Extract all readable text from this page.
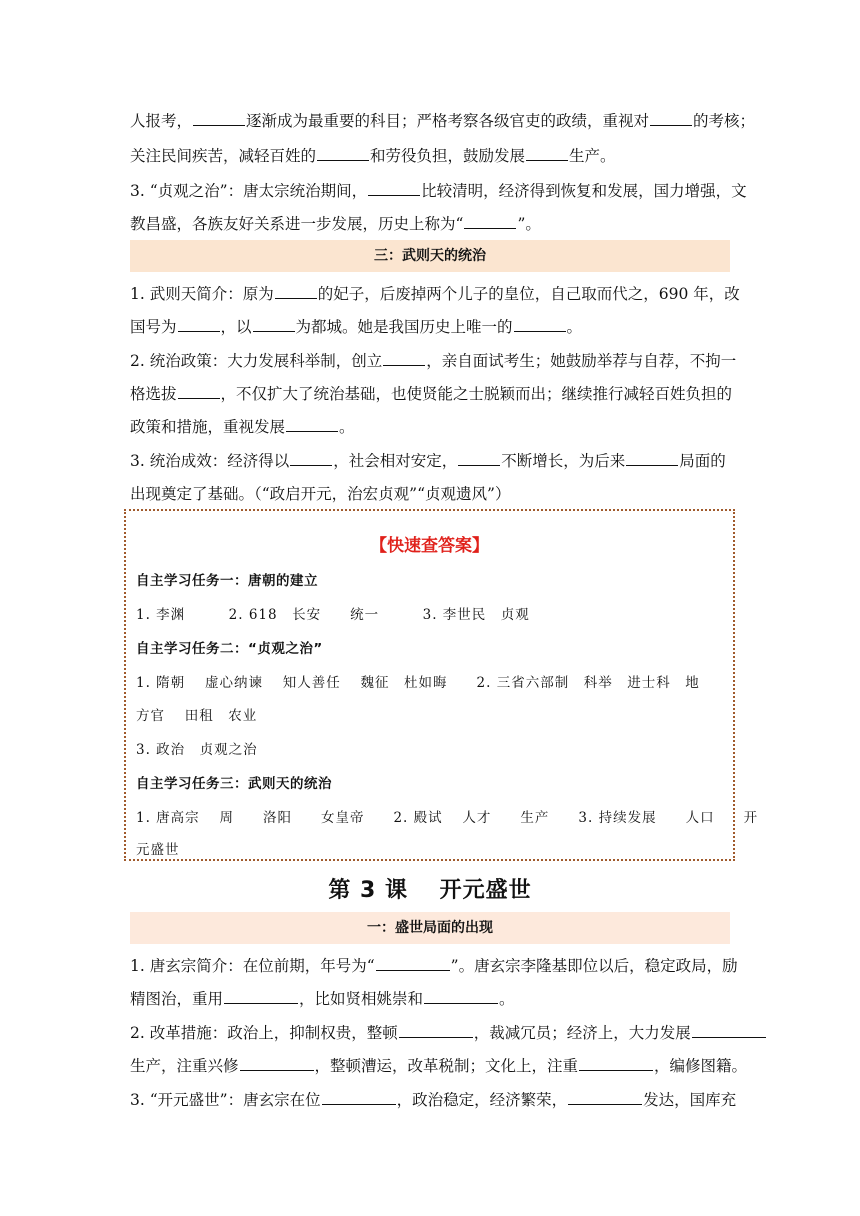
人报考，	逐渐成为最重要的科目；严格考察各级官吏的政绩，重视对	的考核；
关注民间疾苦，减轻百姓的	和劳役负担，鼓励发展	生产。
3. “贞观之治”：唐太宗统治期间，	比较清明，经济得到恢复和发展，国力增强，文
教昌盛，各族友好关系进一步发展，历史上称为“	”。
三：武则天的统治
1. 武则天简介：原为	的妃子，后废掉两个儿子的皇位，自己取而代之，690 年，改
国号为	，以	为都城。她是我国历史上唯一的	。
2. 统治政策：大力发展科举制，创立	，亲自面试考生；她鼓励举荐与自荐，不拘一
格选拔	，不仅扩大了统治基础，也使贤能之士脱颖而出；继续推行减轻百姓负担的
政策和措施，重视发展	。
3. 统治成效：经济得以	，社会相对安定，	不断增长，为后来	局面的
出现奠定了基础。（“政启开元，治宏贞观”“贞观遗风”）
【快速查答案】
自主学习任务一：唐朝的建立
1. 李渊　　　2. 618　长安　　统一　　　3. 李世民　贞观
自主学习任务二：“贞观之治”
1. 隋朝　 虚心纳谏　 知人善任　 魏征　杜如晦　　2. 三省六部制　科举　进士科　地
方官　 田租　农业
3. 政治　贞观之治
自主学习任务三：武则天的统治
1. 唐高宗　 周　　洛阳　　女皇帝　　2. 殿试　 人才　　生产　　3. 持续发展　　人口　　开
元盛世
第 3 课　 开元盛世
一：盛世局面的出现
1. 唐玄宗简介：在位前期，年号为“	”。唐玄宗李隆基即位以后，稳定政局，励
精图治，重用	，比如贤相姚崇和	。
2. 改革措施：政治上，抑制权贵，整顿	，裁减冗员；经济上，大力发展
生产，注重兴修	，整顿漕运，改革税制；文化上，注重	，编修图籍。
3. “开元盛世”：唐玄宗在位	，政治稳定，经济繁荣，	发达，国库充
